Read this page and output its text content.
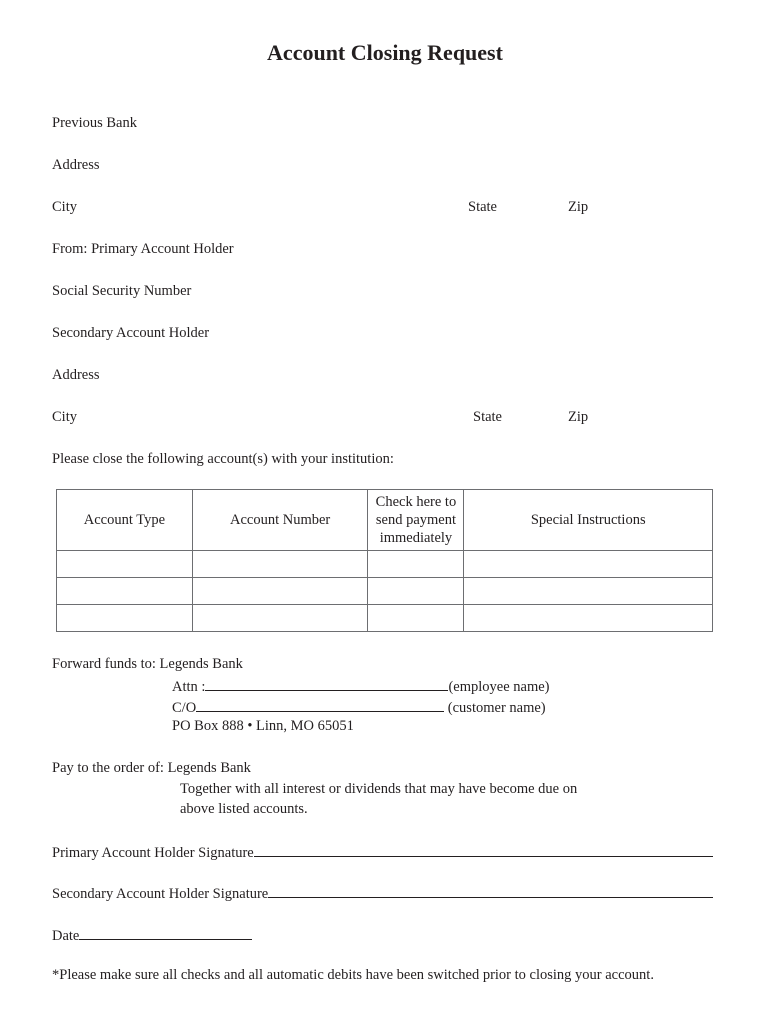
Account Closing Request
Previous Bank
Address
City	State	Zip
From: Primary Account Holder
Social Security Number
Secondary Account Holder
Address
City	State	Zip
Please close the following account(s) with your institution:
Account Type	Account Number	Check here to
send payment
immediately	Special Instructions

Forward funds to: Legends Bank
Attn :	(employee name)
C/O	(customer name)
PO Box 888 • Linn, MO 65051
Pay to the order of: Legends Bank
Together with all interest or dividends that may have become due on
above listed accounts.
Primary Account Holder Signature
Secondary Account Holder Signature
Date
*Please make sure all checks and all automatic debits have been switched prior to closing your account.
